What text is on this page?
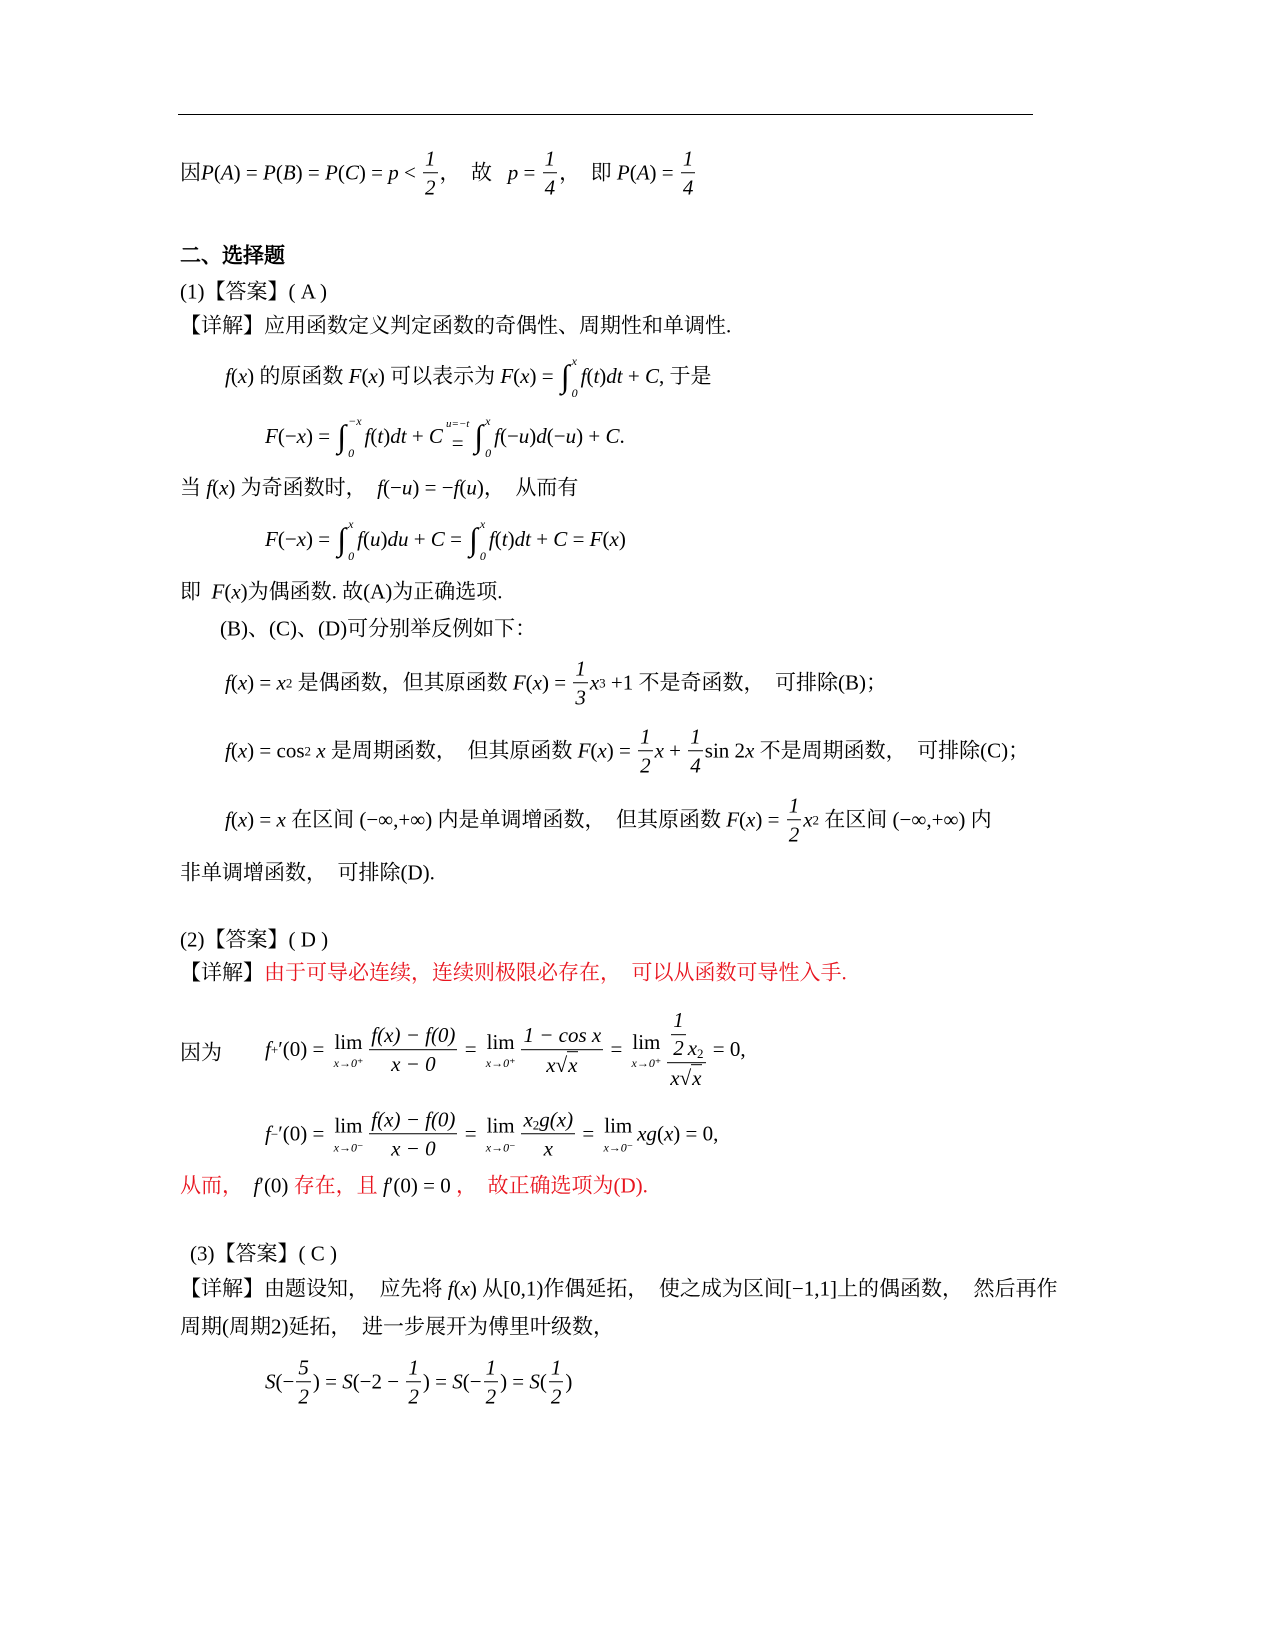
因 P ( A ) = P ( B ) = P ( C ) = $p < \frac{1}{2}$ ，  故 $p = \frac{1}{4}$ ，  即 P ( A ) = $\frac{1}{4}$
二、选择题
(1)【答案】( A )
【详解】应用函数定义判定函数的奇偶性、周期性和单调性.
f ( x ) 的原函数 F ( x ) 可以表示为 F ( x ) = ∫ x
0
f ( t ) dt + C , 于是
F (− x ) = ∫ −x
0
f ( t ) dt + C
u=−t
= ∫ x
0
f (− u ) d (− u ) + C .
当 f ( x ) 为奇函数时， f (− u ) = − f ( u )，  从而有
F (− x ) = ∫ x
0
f ( u ) du + C = ∫ x
0
f ( t ) dt + C = F ( x )
即 F ( x )为偶函数. 故(A)为正确选项.
(B)、(C)、(D)可分别举反例如下：
f ( x ) = x 2 是偶函数，但其原函数 F ( x ) = $\frac{1}{3}$ x 3 +1 不是奇函数，  可排除(B)；
f ( x ) = cos 2 x 是周期函数，  但其原函数 F ( x ) = $\frac{1}{2}$ $x + \frac{1}{4}$ sin 2 x 不是周期函数，  可排除(C)；
f ( x ) = x 在区间 (−∞,+∞) 内是单调增函数，  但其原函数 F ( x ) = $\frac{1}{2}$ x 2 在区间 (−∞,+∞) 内
非单调增函数，  可排除(D).
(2)【答案】( D )
【详解】 由于可导必连续，连续则极限必存在，  可以从函数可导性入手.
因为 f + ′(0) = lim
$x\to 0^+ \frac{f(x) - f(0)}{x - 0} = \lim$
$x\to 0^+ \frac{\text{1 − cos x}}{x √ x} = \lim$
$x\to 0^+ \frac{\frac{1}{2} x_2}{x √ x} = 0$,
f − ′(0) = lim
$x\to 0^- \frac{f(x) - f(0)}{x - 0} = \lim$
$x\to 0^- \frac{x_2 g (x)}{x} = \lim$
x→0⁻
xg ( x ) = 0,
从而， f ′(0) 存在，且 f ′(0) = 0 ，  故正确选项为(D).
(3)【答案】( C )
【详解】由题设知，  应先将 f ( x ) 从[0,1)作偶延拓，  使之成为区间[−1,1]上的偶函数，  然后再作
周期(周期2)延拓，  进一步展开为傅里叶级数，
S (− $\frac{5}{2}$ ) = S ($-2 - \frac{1}{2}$ ) = S (− $\frac{1}{2}$ ) = S ( $\frac{1}{2}$ )
